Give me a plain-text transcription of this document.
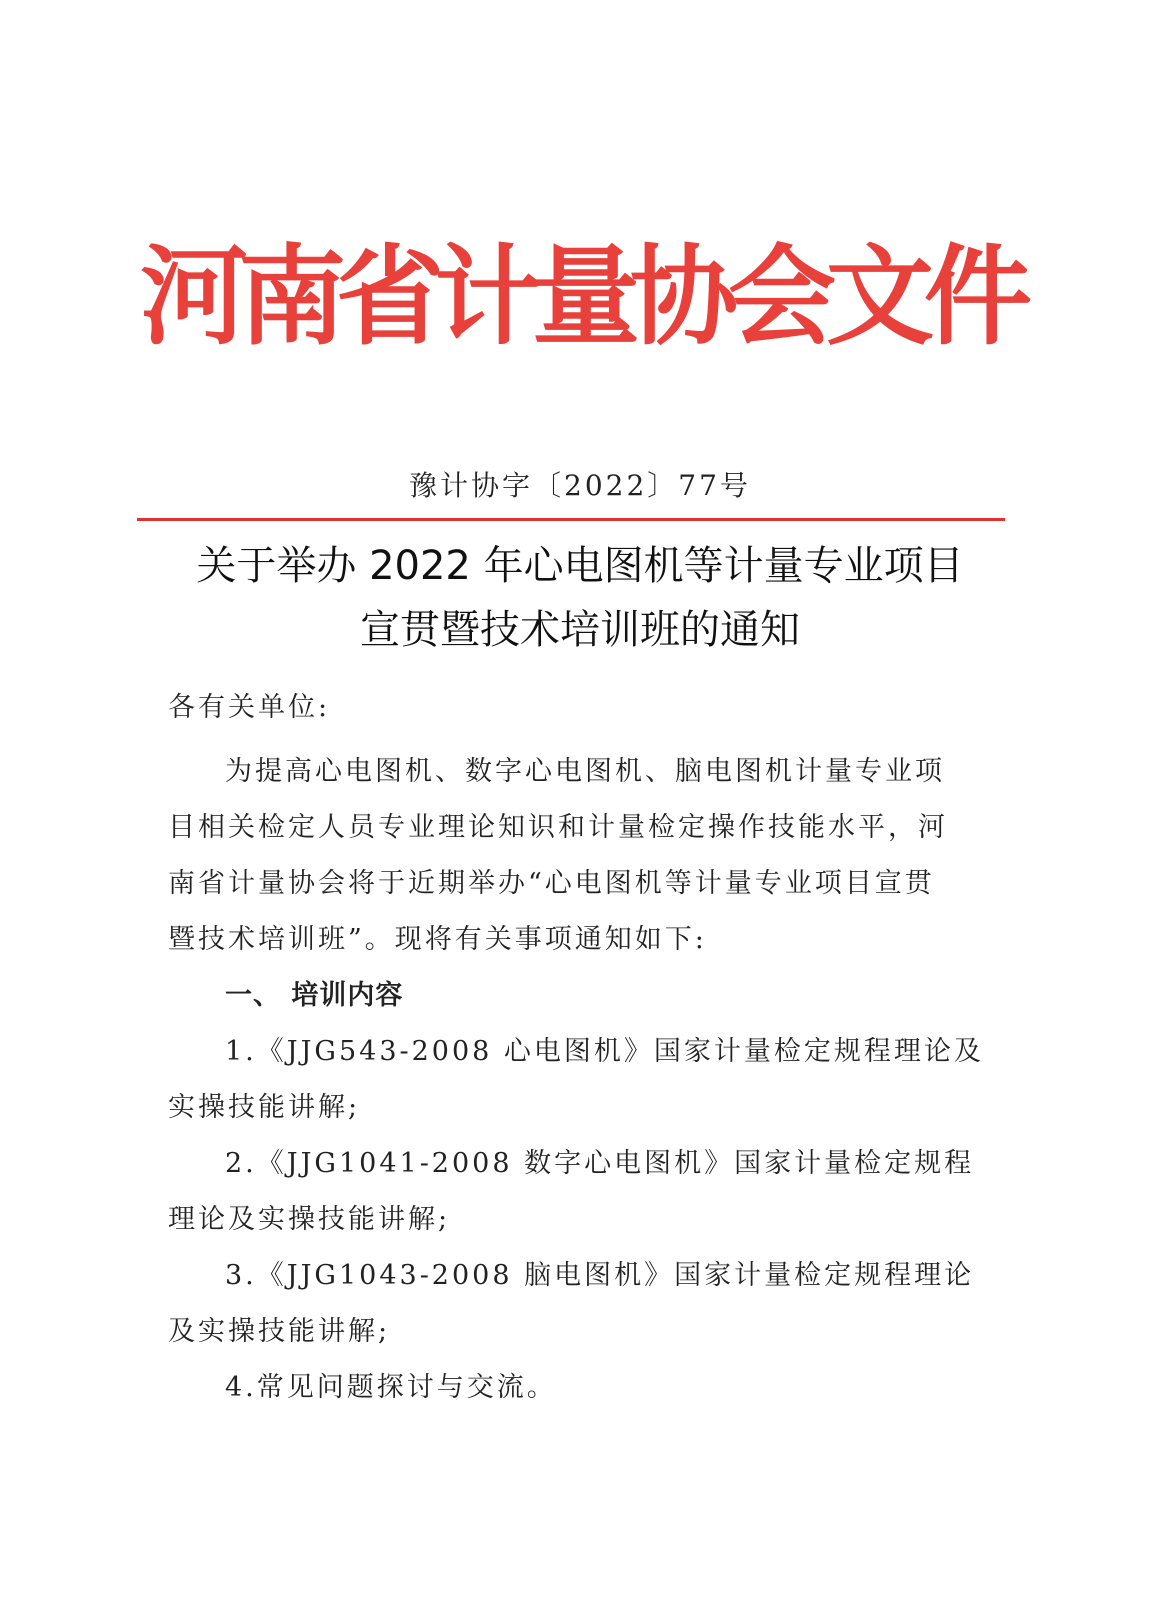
河南省计量协会文件
豫计协字〔2022〕77号
关于举办 2022 年心电图机等计量专业项目
宣贯暨技术培训班的通知
各有关单位:
为提高心电图机、数字心电图机、脑电图机计量专业项
目相关检定人员专业理论知识和计量检定操作技能水平，河
南省计量协会将于近期举办“心电图机等计量专业项目宣贯
暨技术培训班”。现将有关事项通知如下:
一、 培训内容
1.《JJG543-2008 心电图机》国家计量检定规程理论及
实操技能讲解;
2.《JJG1041-2008 数字心电图机》国家计量检定规程
理论及实操技能讲解;
3.《JJG1043-2008 脑电图机》国家计量检定规程理论
及实操技能讲解;
4.常见问题探讨与交流。
